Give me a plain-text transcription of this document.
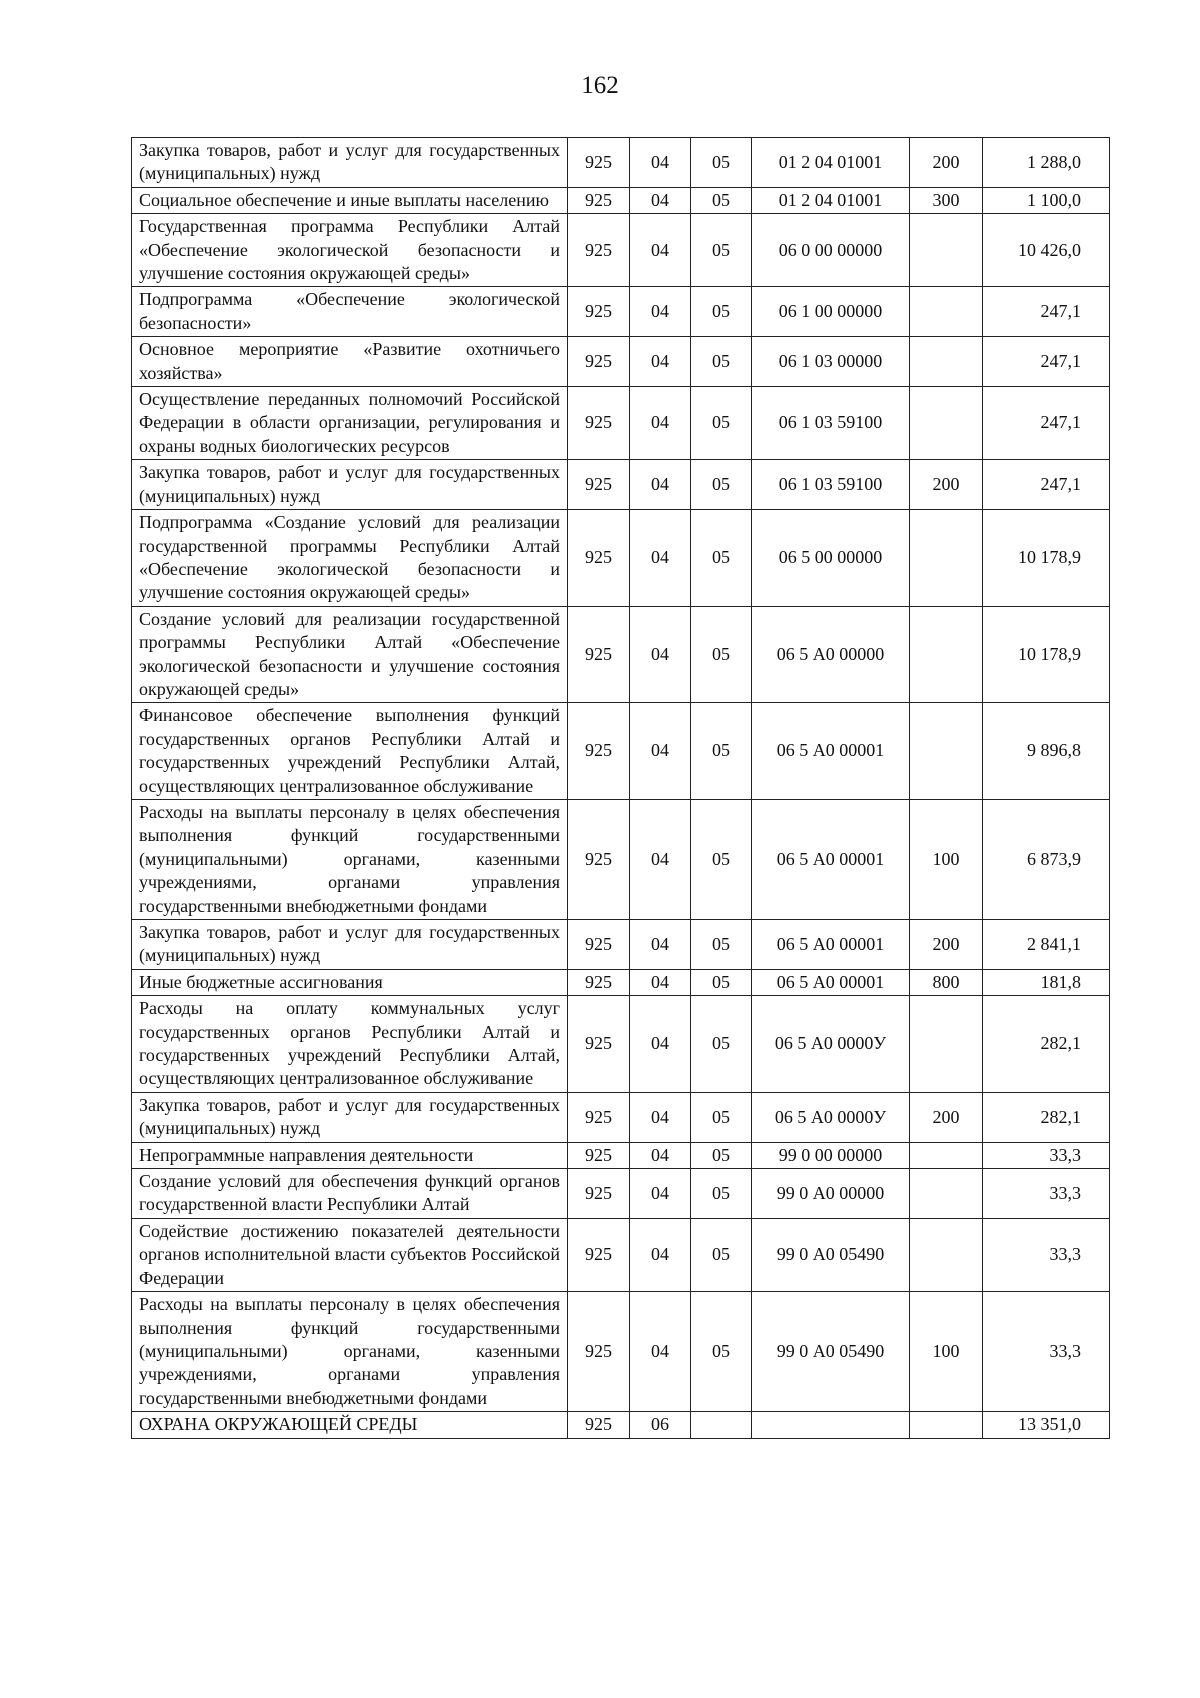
162
Закупка товаров, работ и услуг для государственных (муниципальных) нужд	925	04	05	01 2 04 01001	200	1 288,0
Социальное обеспечение и иные выплаты населению	925	04	05	01 2 04 01001	300	1 100,0
Государственная программа Республики Алтай «Обеспечение экологической безопасности и улучшение состояния окружающей среды»	925	04	05	06 0 00 00000		10 426,0
Подпрограмма «Обеспечение экологической безопасности»	925	04	05	06 1 00 00000		247,1
Основное мероприятие «Развитие охотничьего хозяйства»	925	04	05	06 1 03 00000		247,1
Осуществление переданных полномочий Российской Федерации в области организации, регулирования и охраны водных биологических ресурсов	925	04	05	06 1 03 59100		247,1
Закупка товаров, работ и услуг для государственных (муниципальных) нужд	925	04	05	06 1 03 59100	200	247,1
Подпрограмма «Создание условий для реализации государственной программы Республики Алтай «Обеспечение экологической безопасности и улучшение состояния окружающей среды»	925	04	05	06 5 00 00000		10 178,9
Создание условий для реализации государственной программы Республики Алтай «Обеспечение экологической безопасности и улучшение состояния окружающей среды»	925	04	05	06 5 А0 00000		10 178,9
Финансовое обеспечение выполнения функций государственных органов Республики Алтай и государственных учреждений Республики Алтай, осуществляющих централизованное обслуживание	925	04	05	06 5 А0 00001		9 896,8
Расходы на выплаты персоналу в целях обеспечения выполнения функций государственными (муниципальными) органами, казенными учреждениями, органами управления государственными внебюджетными фондами	925	04	05	06 5 А0 00001	100	6 873,9
Закупка товаров, работ и услуг для государственных (муниципальных) нужд	925	04	05	06 5 А0 00001	200	2 841,1
Иные бюджетные ассигнования	925	04	05	06 5 А0 00001	800	181,8
Расходы на оплату коммунальных услуг государственных органов Республики Алтай и государственных учреждений Республики Алтай, осуществляющих централизованное обслуживание	925	04	05	06 5 А0 0000У		282,1
Закупка товаров, работ и услуг для государственных (муниципальных) нужд	925	04	05	06 5 А0 0000У	200	282,1
Непрограммные направления деятельности	925	04	05	99 0 00 00000		33,3
Создание условий для обеспечения функций органов государственной власти Республики Алтай	925	04	05	99 0 А0 00000		33,3
Содействие достижению показателей деятельности органов исполнительной власти субъектов Российской Федерации	925	04	05	99 0 А0 05490		33,3
Расходы на выплаты персоналу в целях обеспечения выполнения функций государственными (муниципальными) органами, казенными учреждениями, органами управления государственными внебюджетными фондами	925	04	05	99 0 А0 05490	100	33,3
ОХРАНА ОКРУЖАЮЩЕЙ СРЕДЫ	925	06				13 351,0
